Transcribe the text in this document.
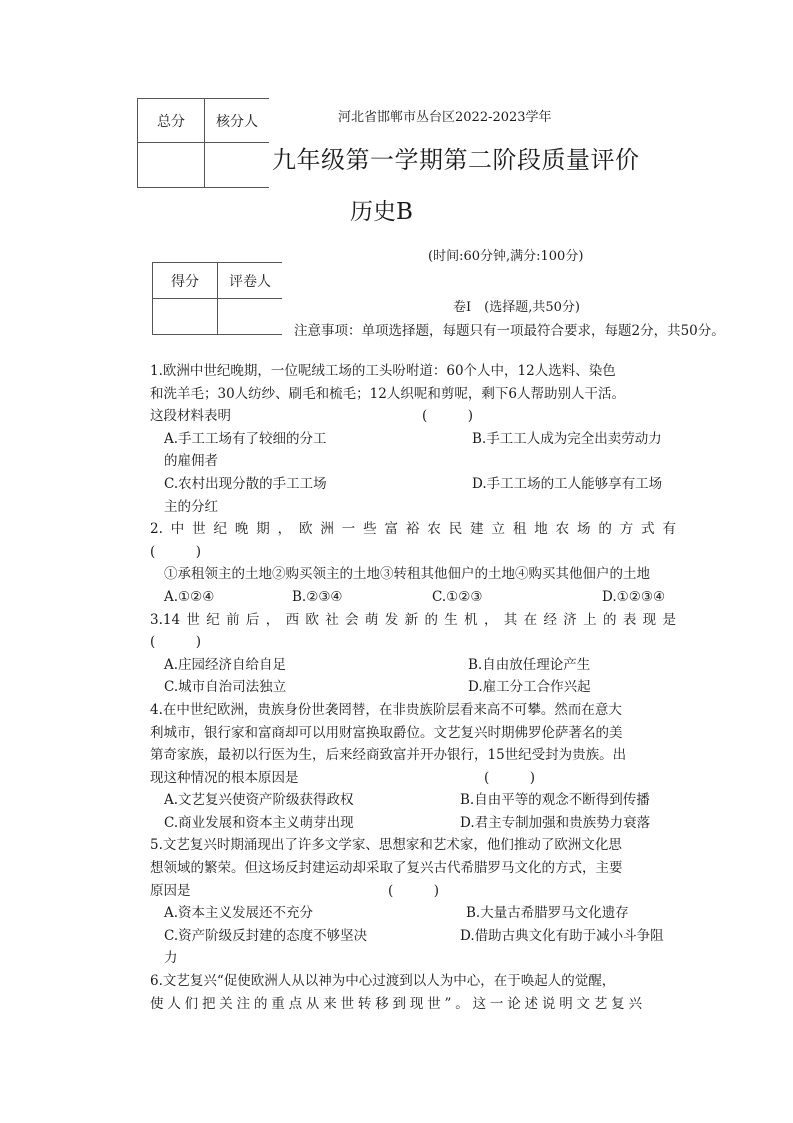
总分	核分人
		河北省邯郸市丛台区2022-2023学年
九年级第一学期第二阶段质量评价
历史B
(时间:60分钟,满分:100分)
得分	评卷人

卷Ⅰ　(选择题,共50分)
注意事项：单项选择题，每题只有一项最符合要求，每题2分，共50分。
1.欧洲中世纪晚期，一位呢绒工场的工头吩咐道：60个人中，12人选料、染色
和洗羊毛；30人纺纱、刷毛和梳毛；12人织呢和剪呢，剩下6人帮助别人干活。
这段材料表明	(　　　)
A.手工工场有了较细的分工	B.手工工人成为完全出卖劳动力
的雇佣者
C.农村出现分散的手工工场	D.手工工场的工人能够享有工场
主的分红
2.中世纪晚期，欧洲一些富裕农民建立租地农场的方式有
(　　　)
①承租领主的土地②购买领主的土地③转租其他佃户的土地④购买其他佃户的土地
A.①②④	B.②③④	C.①②③	D.①②③④
3.14世纪前后，西欧社会萌发新的生机，其在经济上的表现是
(　　　)
A.庄园经济自给自足	B.自由放任理论产生
C.城市自治司法独立	D.雇工分工合作兴起
4.在中世纪欧洲，贵族身份世袭罔替，在非贵族阶层看来高不可攀。然而在意大
利城市，银行家和富商却可以用财富换取爵位。文艺复兴时期佛罗伦萨著名的美
第奇家族，最初以行医为生，后来经商致富并开办银行，15世纪受封为贵族。出
现这种情况的根本原因是	(　　　)
A.文艺复兴使资产阶级获得政权	B.自由平等的观念不断得到传播
C.商业发展和资本主义萌芽出现	D.君主专制加强和贵族势力衰落
5.文艺复兴时期涌现出了许多文学家、思想家和艺术家，他们推动了欧洲文化思
想领域的繁荣。但这场反封建运动却采取了复兴古代希腊罗马文化的方式，主要
原因是	(　　　)
A.资本主义发展还不充分	B.大量古希腊罗马文化遗存
C.资产阶级反封建的态度不够坚决	D.借助古典文化有助于减小斗争阻
力
6.文艺复兴“促使欧洲人从以神为中心过渡到以人为中心，在于唤起人的觉醒，
使人们把关注的重点从来世转移到现世”。这一论述说明文艺复兴
